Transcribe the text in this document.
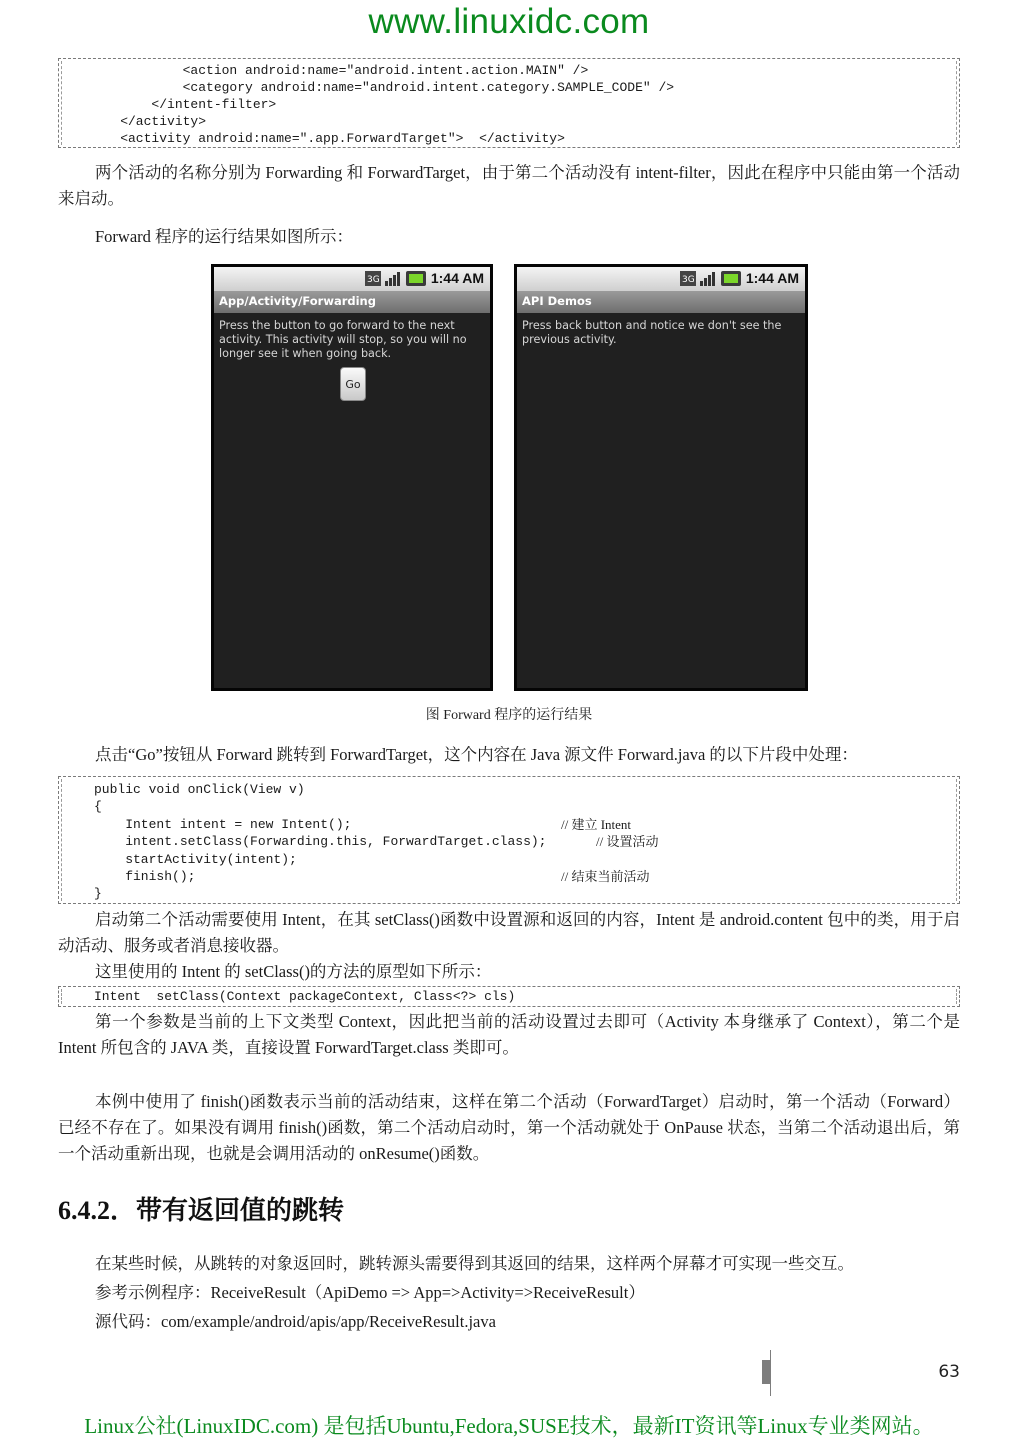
www.linuxidc.com
<action android:name="android.intent.action.MAIN" />
<category android:name="android.intent.category.SAMPLE_CODE" />
</intent-filter>
</activity>
<activity android:name=".app.ForwardTarget">  </activity>
两个活动的名称分别为 Forwarding 和 ForwardTarget，由于第二个活动没有 intent-filter，因此在程序中只能由第一个活动来启动。
Forward 程序的运行结果如图所示：
3G	1:44 AM
App/Activity/Forwarding
Press the button to go forward to the next activity. This activity will stop, so you will no longer see it when going back.
Go
3G	1:44 AM
API Demos
Press back button and notice we don't see the previous activity.
图 Forward 程序的运行结果
点击“Go”按钮从 Forward 跳转到 ForwardTarget，这个内容在 Java 源文件 Forward.java 的以下片段中处理：
public void onClick(View v)
{
Intent intent = new Intent();
intent.setClass(Forwarding.this, ForwardTarget.class);
startActivity(intent);
finish();
}
// 建立 Intent
// 设置活动
// 结束当前活动
启动第二个活动需要使用 Intent，在其 setClass()函数中设置源和返回的内容，Intent 是 android.content 包中的类，用于启动活动、服务或者消息接收器。
这里使用的 Intent 的 setClass()的方法的原型如下所示：
Intent  setClass(Context packageContext, Class<?> cls)
第一个参数是当前的上下文类型 Context，因此把当前的活动设置过去即可（Activity 本身继承了 Context），第二个是 Intent 所包含的 JAVA 类，直接设置 ForwardTarget.class 类即可。
本例中使用了 finish()函数表示当前的活动结束，这样在第二个活动（ForwardTarget）启动时，第一个活动（Forward）已经不存在了。如果没有调用 finish()函数，第二个活动启动时，第一个活动就处于 OnPause 状态，当第二个活动退出后，第一个活动重新出现，也就是会调用活动的 onResume()函数。
6.4.2．带有返回值的跳转
在某些时候，从跳转的对象返回时，跳转源头需要得到其返回的结果，这样两个屏幕才可实现一些交互。
参考示例程序：ReceiveResult（ApiDemo => App=>Activity=>ReceiveResult）
源代码：com/example/android/apis/app/ReceiveResult.java
63
Linux公社(LinuxIDC.com) 是包括Ubuntu,Fedora,SUSE技术，最新IT资讯等Linux专业类网站。
